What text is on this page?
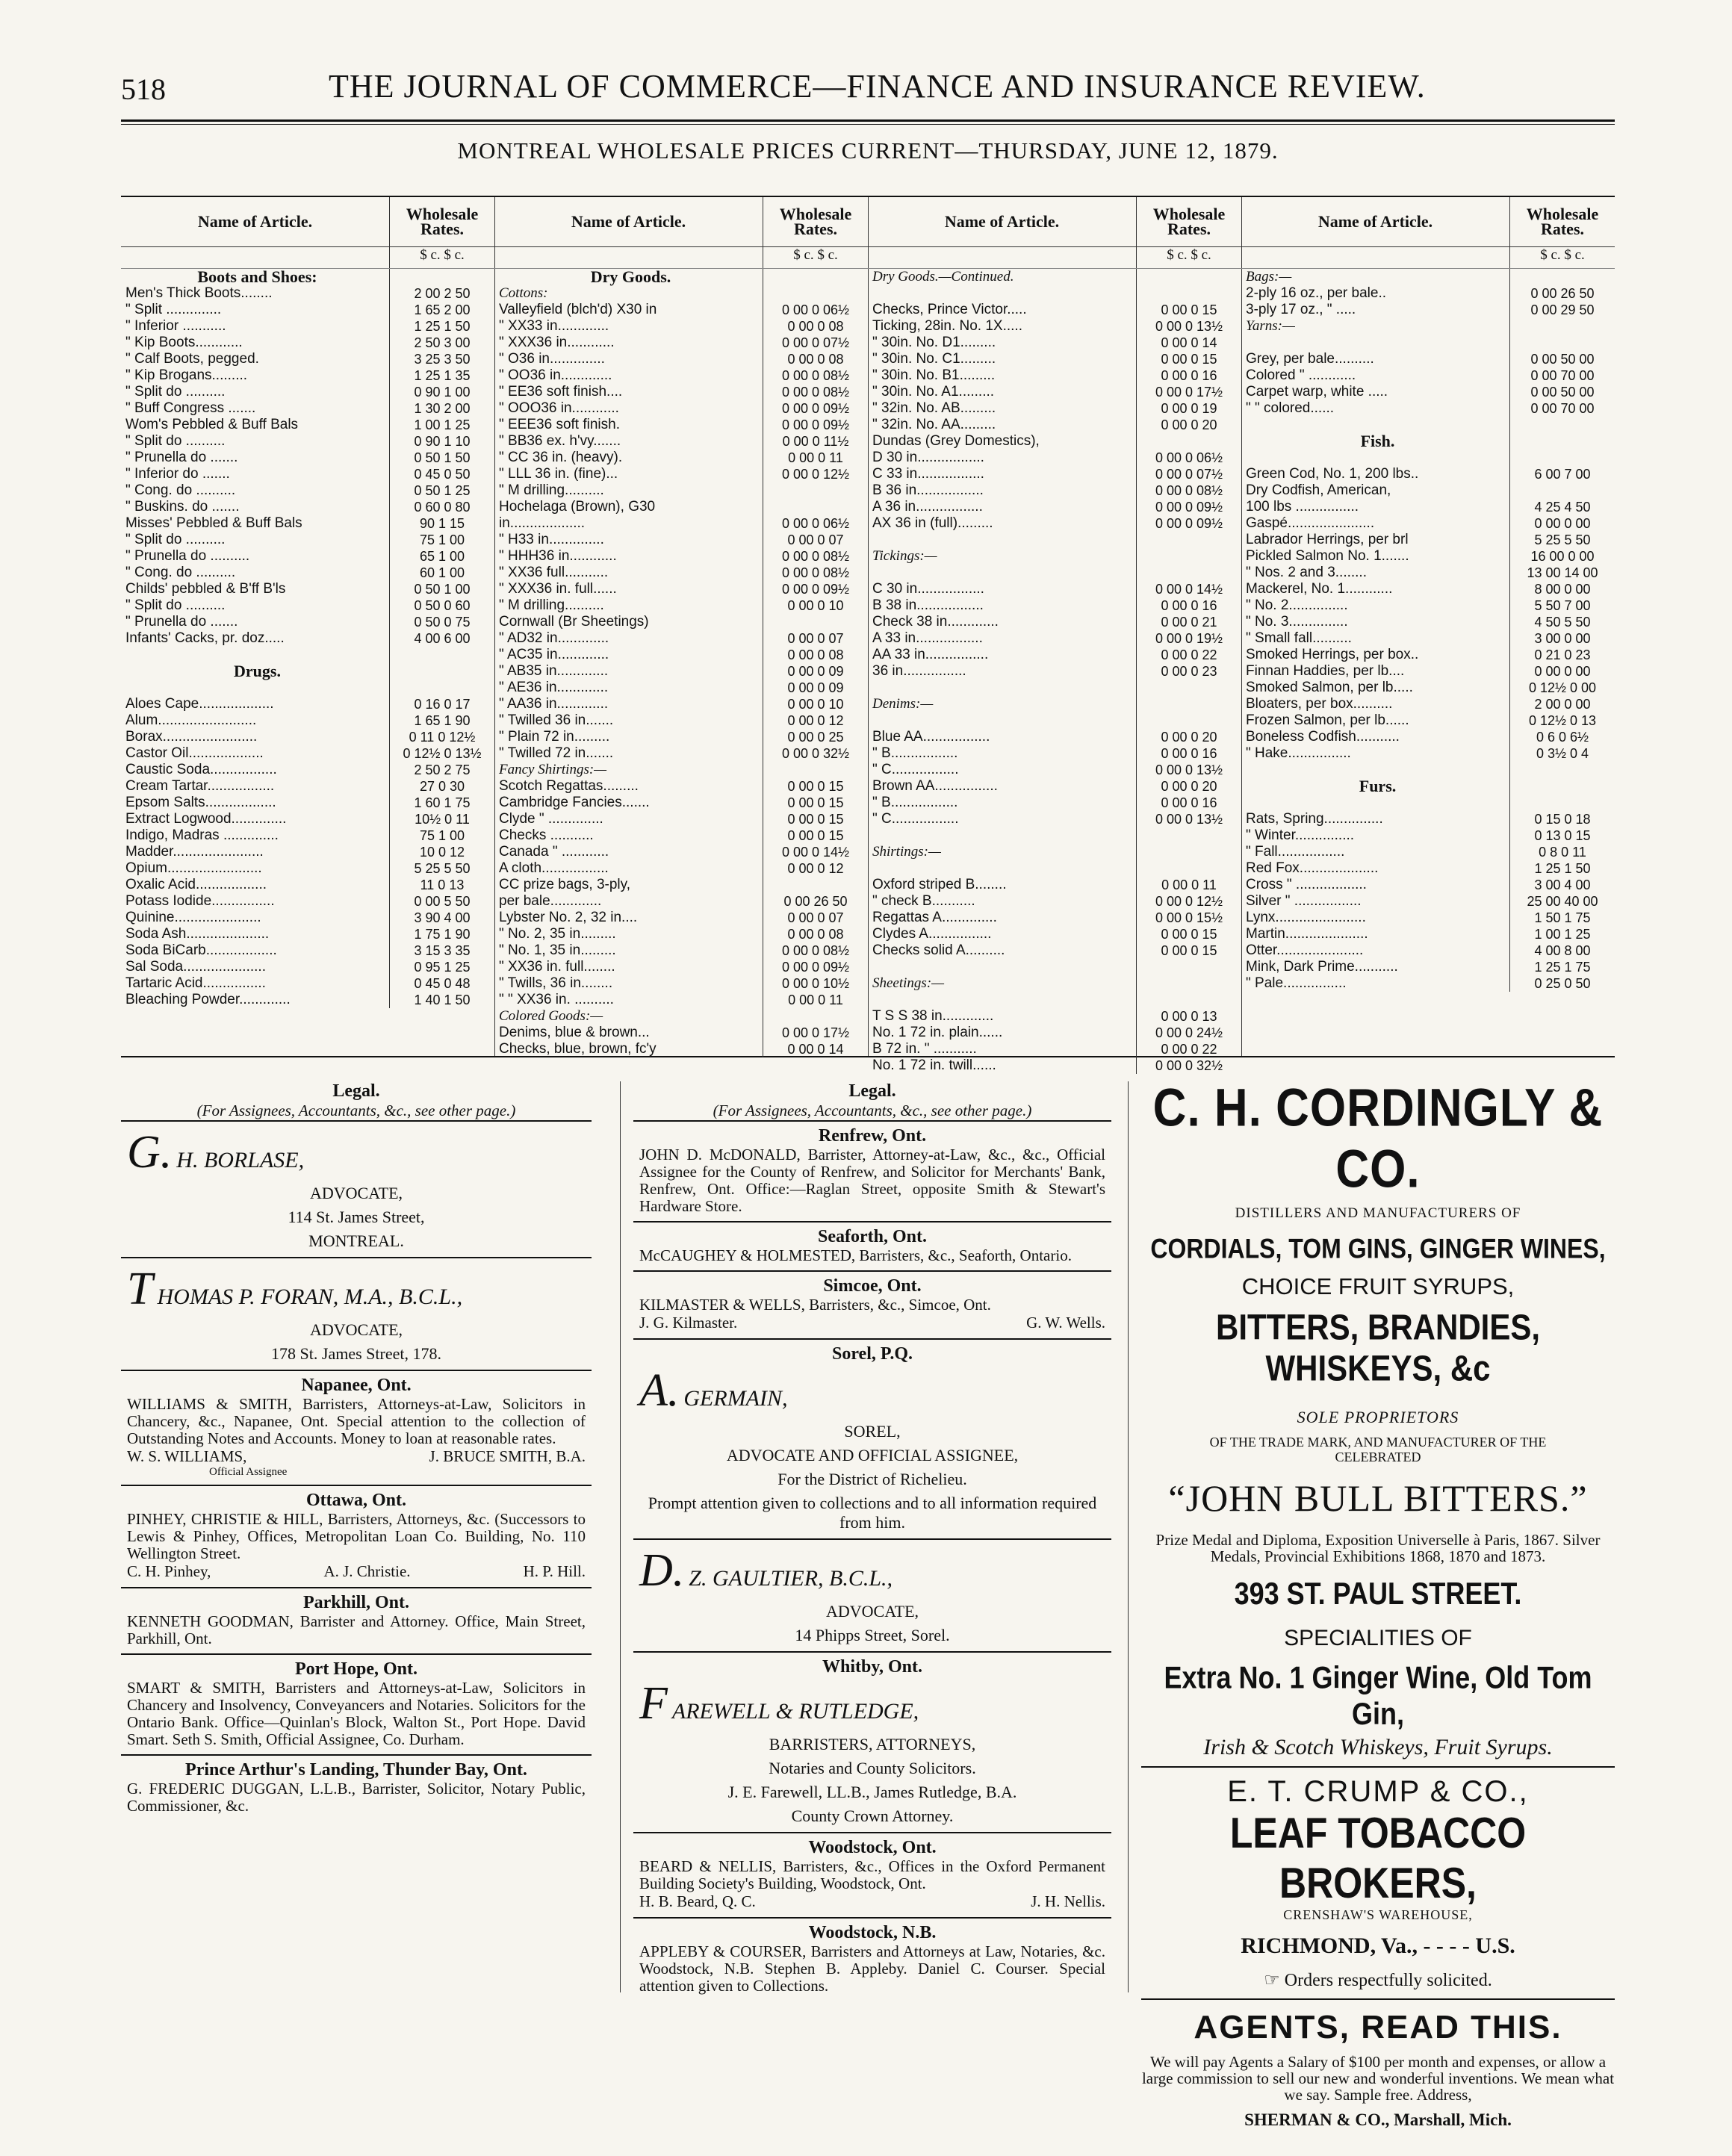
518	THE JOURNAL OF COMMERCE—FINANCE AND INSURANCE REVIEW.
MONTREAL WHOLESALE PRICES CURRENT—THURSDAY, JUNE 12, 1879.
Name of Article.	Wholesale Rates.
$ c. $ c.
Boots and Shoes:
Men's Thick Boots........	2 00 2 50
" Split ..............	1 65 2 00
" Inferior ...........	1 25 1 50
" Kip Boots............	2 50 3 00
" Calf Boots, pegged.	3 25 3 50
" Kip Brogans.........	1 25 1 35
" Split do ..........	0 90 1 00
" Buff Congress .......	1 30 2 00
Wom's Pebbled & Buff Bals	1 00 1 25
" Split do ..........	0 90 1 10
" Prunella do .......	0 50 1 50
" Inferior do .......	0 45 0 50
" Cong. do ..........	0 50 1 25
" Buskins. do .......	0 60 0 80
Misses' Pebbled & Buff Bals	90 1 15
" Split do ..........	75 1 00
" Prunella do ..........	65 1 00
" Cong. do ..........	60 1 00
Childs' pebbled & B'ff B'ls	0 50 1 00
" Split do ..........	0 50 0 60
" Prunella do .......	0 50 0 75
Infants' Cacks, pr. doz.....	4 00 6 00
Drugs.
Aloes Cape...................	0 16 0 17
Alum.........................	1 65 1 90
Borax........................	0 11 0 12½
Castor Oil...................	0 12½ 0 13½
Caustic Soda.................	2 50 2 75
Cream Tartar.................	27 0 30
Epsom Salts..................	1 60 1 75
Extract Logwood..............	10½ 0 11
Indigo, Madras ..............	75 1 00
Madder.......................	10 0 12
Opium........................	5 25 5 50
Oxalic Acid..................	11 0 13
Potass Iodide................	0 00 5 50
Quinine......................	3 90 4 00
Soda Ash.....................	1 75 1 90
Soda BiCarb..................	3 15 3 35
Sal Soda.....................	0 95 1 25
Tartaric Acid................	0 45 0 48
Bleaching Powder.............	1 40 1 50
Name of Article.	Wholesale Rates.
$ c. $ c.
Dry Goods.
Cottons:
Valleyfield (blch'd) X30 in	0 00 0 06½
" XX33 in.............	0 00 0 08
" XXX36 in............	0 00 0 07½
" O36 in..............	0 00 0 08
" OO36 in.............	0 00 0 08½
" EE36 soft finish....	0 00 0 08½
" OOO36 in............	0 00 0 09½
" EEE36 soft finish.	0 00 0 09½
" BB36 ex. h'vy.......	0 00 0 11½
" CC 36 in. (heavy).	0 00 0 11
" LLL 36 in. (fine)...	0 00 0 12½
" M drilling..........
Hochelaga (Brown), G30
in...................	0 00 0 06½
" H33 in..............	0 00 0 07
" HHH36 in............	0 00 0 08½
" XX36 full...........	0 00 0 08½
" XXX36 in. full......	0 00 0 09½
" M drilling..........	0 00 0 10
Cornwall (Br Sheetings)
" AD32 in.............	0 00 0 07
" AC35 in.............	0 00 0 08
" AB35 in.............	0 00 0 09
" AE36 in.............	0 00 0 09
" AA36 in.............	0 00 0 10
" Twilled 36 in.......	0 00 0 12
" Plain 72 in.........	0 00 0 25
" Twilled 72 in.......	0 00 0 32½
Fancy Shirtings:—
Scotch Regattas.........	0 00 0 15
Cambridge Fancies.......	0 00 0 15
Clyde " ..............	0 00 0 15
Checks ...........	0 00 0 15
Canada " ............	0 00 0 14½
A cloth.................	0 00 0 12
CC prize bags, 3-ply,
per bale.............	0 00 26 50
Lybster No. 2, 32 in....	0 00 0 07
" No. 2, 35 in.........	0 00 0 08
" No. 1, 35 in.........	0 00 0 08½
" XX36 in. full........	0 00 0 09½
" Twills, 36 in........	0 00 0 10½
" " XX36 in. ..........	0 00 0 11
Colored Goods:—
Denims, blue & brown...	0 00 0 17½
Checks, blue, brown, fc'y	0 00 0 14
Name of Article.	Wholesale Rates.
$ c. $ c.
Dry Goods.—Continued.
Checks, Prince Victor.....	0 00 0 15
Ticking, 28in. No. 1X.....	0 00 0 13½
" 30in. No. D1.........	0 00 0 14
" 30in. No. C1.........	0 00 0 15
" 30in. No. B1.........	0 00 0 16
" 30in. No. A1.........	0 00 0 17½
" 32in. No. AB.........	0 00 0 19
" 32in. No. AA.........	0 00 0 20
Dundas (Grey Domestics),
D 30 in.................	0 00 0 06½
C 33 in.................	0 00 0 07½
B 36 in.................	0 00 0 08½
A 36 in.................	0 00 0 09½
AX 36 in (full).........	0 00 0 09½
Tickings:—
C 30 in.................	0 00 0 14½
B 38 in.................	0 00 0 16
Check 38 in.............	0 00 0 21
A 33 in.................	0 00 0 19½
AA 33 in................	0 00 0 22
36 in................	0 00 0 23
Denims:—
Blue AA.................	0 00 0 20
" B.................	0 00 0 16
" C.................	0 00 0 13½
Brown AA................	0 00 0 20
" B.................	0 00 0 16
" C.................	0 00 0 13½
Shirtings:—
Oxford striped B........	0 00 0 11
" check B...........	0 00 0 12½
Regattas A..............	0 00 0 15½
Clydes A................	0 00 0 15
Checks solid A..........	0 00 0 15
Sheetings:—
T S S 38 in.............	0 00 0 13
No. 1 72 in. plain......	0 00 0 24½
B 72 in. " ...........	0 00 0 22
No. 1 72 in. twill......	0 00 0 32½
Name of Article.	Wholesale Rates.
$ c. $ c.
Bags:—
2-ply 16 oz., per bale..	0 00 26 50
3-ply 17 oz., " .....	0 00 29 50
Yarns:—
Grey, per bale..........	0 00 50 00
Colored " ............	0 00 70 00
Carpet warp, white .....	0 00 50 00
" " colored......	0 00 70 00
Fish.
Green Cod, No. 1, 200 lbs..	6 00 7 00
Dry Codfish, American,
100 lbs ................	4 25 4 50
Gaspé......................	0 00 0 00
Labrador Herrings, per brl	5 25 5 50
Pickled Salmon No. 1.......	16 00 0 00
" Nos. 2 and 3........	13 00 14 00
Mackerel, No. 1............	8 00 0 00
" No. 2...............	5 50 7 00
" No. 3...............	4 50 5 50
" Small fall..........	3 00 0 00
Smoked Herrings, per box..	0 21 0 23
Finnan Haddies, per lb....	0 00 0 00
Smoked Salmon, per lb.....	0 12½ 0 00
Bloaters, per box..........	2 00 0 00
Frozen Salmon, per lb......	0 12½ 0 13
Boneless Codfish...........	0 6 0 6½
" Hake................	0 3½ 0 4
Furs.
Rats, Spring...............	0 15 0 18
" Winter...............	0 13 0 15
" Fall.................	0 8 0 11
Red Fox....................	1 25 1 50
Cross " ..................	3 00 4 00
Silver " .................	25 00 40 00
Lynx.......................	1 50 1 75
Martin.....................	1 00 1 25
Otter......................	4 00 8 00
Mink, Dark Prime...........	1 25 1 75
" Pale................	0 25 0 50
Legal.
(For Assignees, Accountants, &c., see other page.)
G. H. BORLASE,
ADVOCATE,
114 St. James Street,
MONTREAL.
THOMAS P. FORAN, M.A., B.C.L.,
ADVOCATE,
178 St. James Street, 178.
Napanee, Ont.
WILLIAMS & SMITH, Barristers, Attorneys-at-Law, Solicitors in Chancery, &c., Napanee, Ont. Special attention to the collection of Outstanding Notes and Accounts. Money to loan at reasonable rates.
W. S. WILLIAMS,	J. BRUCE SMITH, B.A.
Official Assignee
Ottawa, Ont.
PINHEY, CHRISTIE & HILL, Barristers, Attorneys, &c. (Successors to Lewis & Pinhey, Offices, Metropolitan Loan Co. Building, No. 110 Wellington Street.
C. H. Pinhey,	A. J. Christie.	H. P. Hill.
Parkhill, Ont.
KENNETH GOODMAN, Barrister and Attorney. Office, Main Street, Parkhill, Ont.
Port Hope, Ont.
SMART & SMITH, Barristers and Attorneys-at-Law, Solicitors in Chancery and Insolvency, Conveyancers and Notaries. Solicitors for the Ontario Bank. Office—Quinlan's Block, Walton St., Port Hope. David Smart. Seth S. Smith, Official Assignee, Co. Durham.
Prince Arthur's Landing, Thunder Bay, Ont.
G. FREDERIC DUGGAN, L.L.B., Barrister, Solicitor, Notary Public, Commissioner, &c.
Legal.
(For Assignees, Accountants, &c., see other page.)
Renfrew, Ont.
JOHN D. McDONALD, Barrister, Attorney-at-Law, &c., &c., Official Assignee for the County of Renfrew, and Solicitor for Merchants' Bank, Renfrew, Ont. Office:—Raglan Street, opposite Smith & Stewart's Hardware Store.
Seaforth, Ont.
McCAUGHEY & HOLMESTED, Barristers, &c., Seaforth, Ontario.
Simcoe, Ont.
KILMASTER & WELLS, Barristers, &c., Simcoe, Ont.
J. G. Kilmaster.	G. W. Wells.
Sorel, P.Q.
A. GERMAIN,
SOREL,
ADVOCATE AND OFFICIAL ASSIGNEE,
For the District of Richelieu.
Prompt attention given to collections and to all information required from him.
D. Z. GAULTIER, B.C.L.,
ADVOCATE,
14 Phipps Street, Sorel.
Whitby, Ont.
FAREWELL & RUTLEDGE,
BARRISTERS, ATTORNEYS,
Notaries and County Solicitors.
J. E. Farewell, LL.B., James Rutledge, B.A.
County Crown Attorney.
Woodstock, Ont.
BEARD & NELLIS, Barristers, &c., Offices in the Oxford Permanent Building Society's Building, Woodstock, Ont.
H. B. Beard, Q. C.	J. H. Nellis.
Woodstock, N.B.
APPLEBY & COURSER, Barristers and Attorneys at Law, Notaries, &c. Woodstock, N.B. Stephen B. Appleby. Daniel C. Courser. Special attention given to Collections.
C. H. CORDINGLY & CO.
DISTILLERS AND MANUFACTURERS OF
CORDIALS, TOM GINS, GINGER WINES,
CHOICE FRUIT SYRUPS,
BITTERS, BRANDIES, WHISKEYS, &c
SOLE PROPRIETORS
OF THE TRADE MARK, AND MANUFACTURER OF THE CELEBRATED
“JOHN BULL BITTERS.”
Prize Medal and Diploma, Exposition Universelle à Paris, 1867. Silver Medals, Provincial Exhibitions 1868, 1870 and 1873.
393 ST. PAUL STREET.
SPECIALITIES OF
Extra No. 1 Ginger Wine, Old Tom Gin,
Irish & Scotch Whiskeys, Fruit Syrups.
E. T. CRUMP & CO.,
LEAF TOBACCO BROKERS,
CRENSHAW'S WAREHOUSE,
RICHMOND, Va., - - - - U.S.
☞ Orders respectfully solicited.
AGENTS, READ THIS.
We will pay Agents a Salary of $100 per month and expenses, or allow a large commission to sell our new and wonderful inventions. We mean what we say. Sample free. Address,
SHERMAN & CO., Marshall, Mich.
